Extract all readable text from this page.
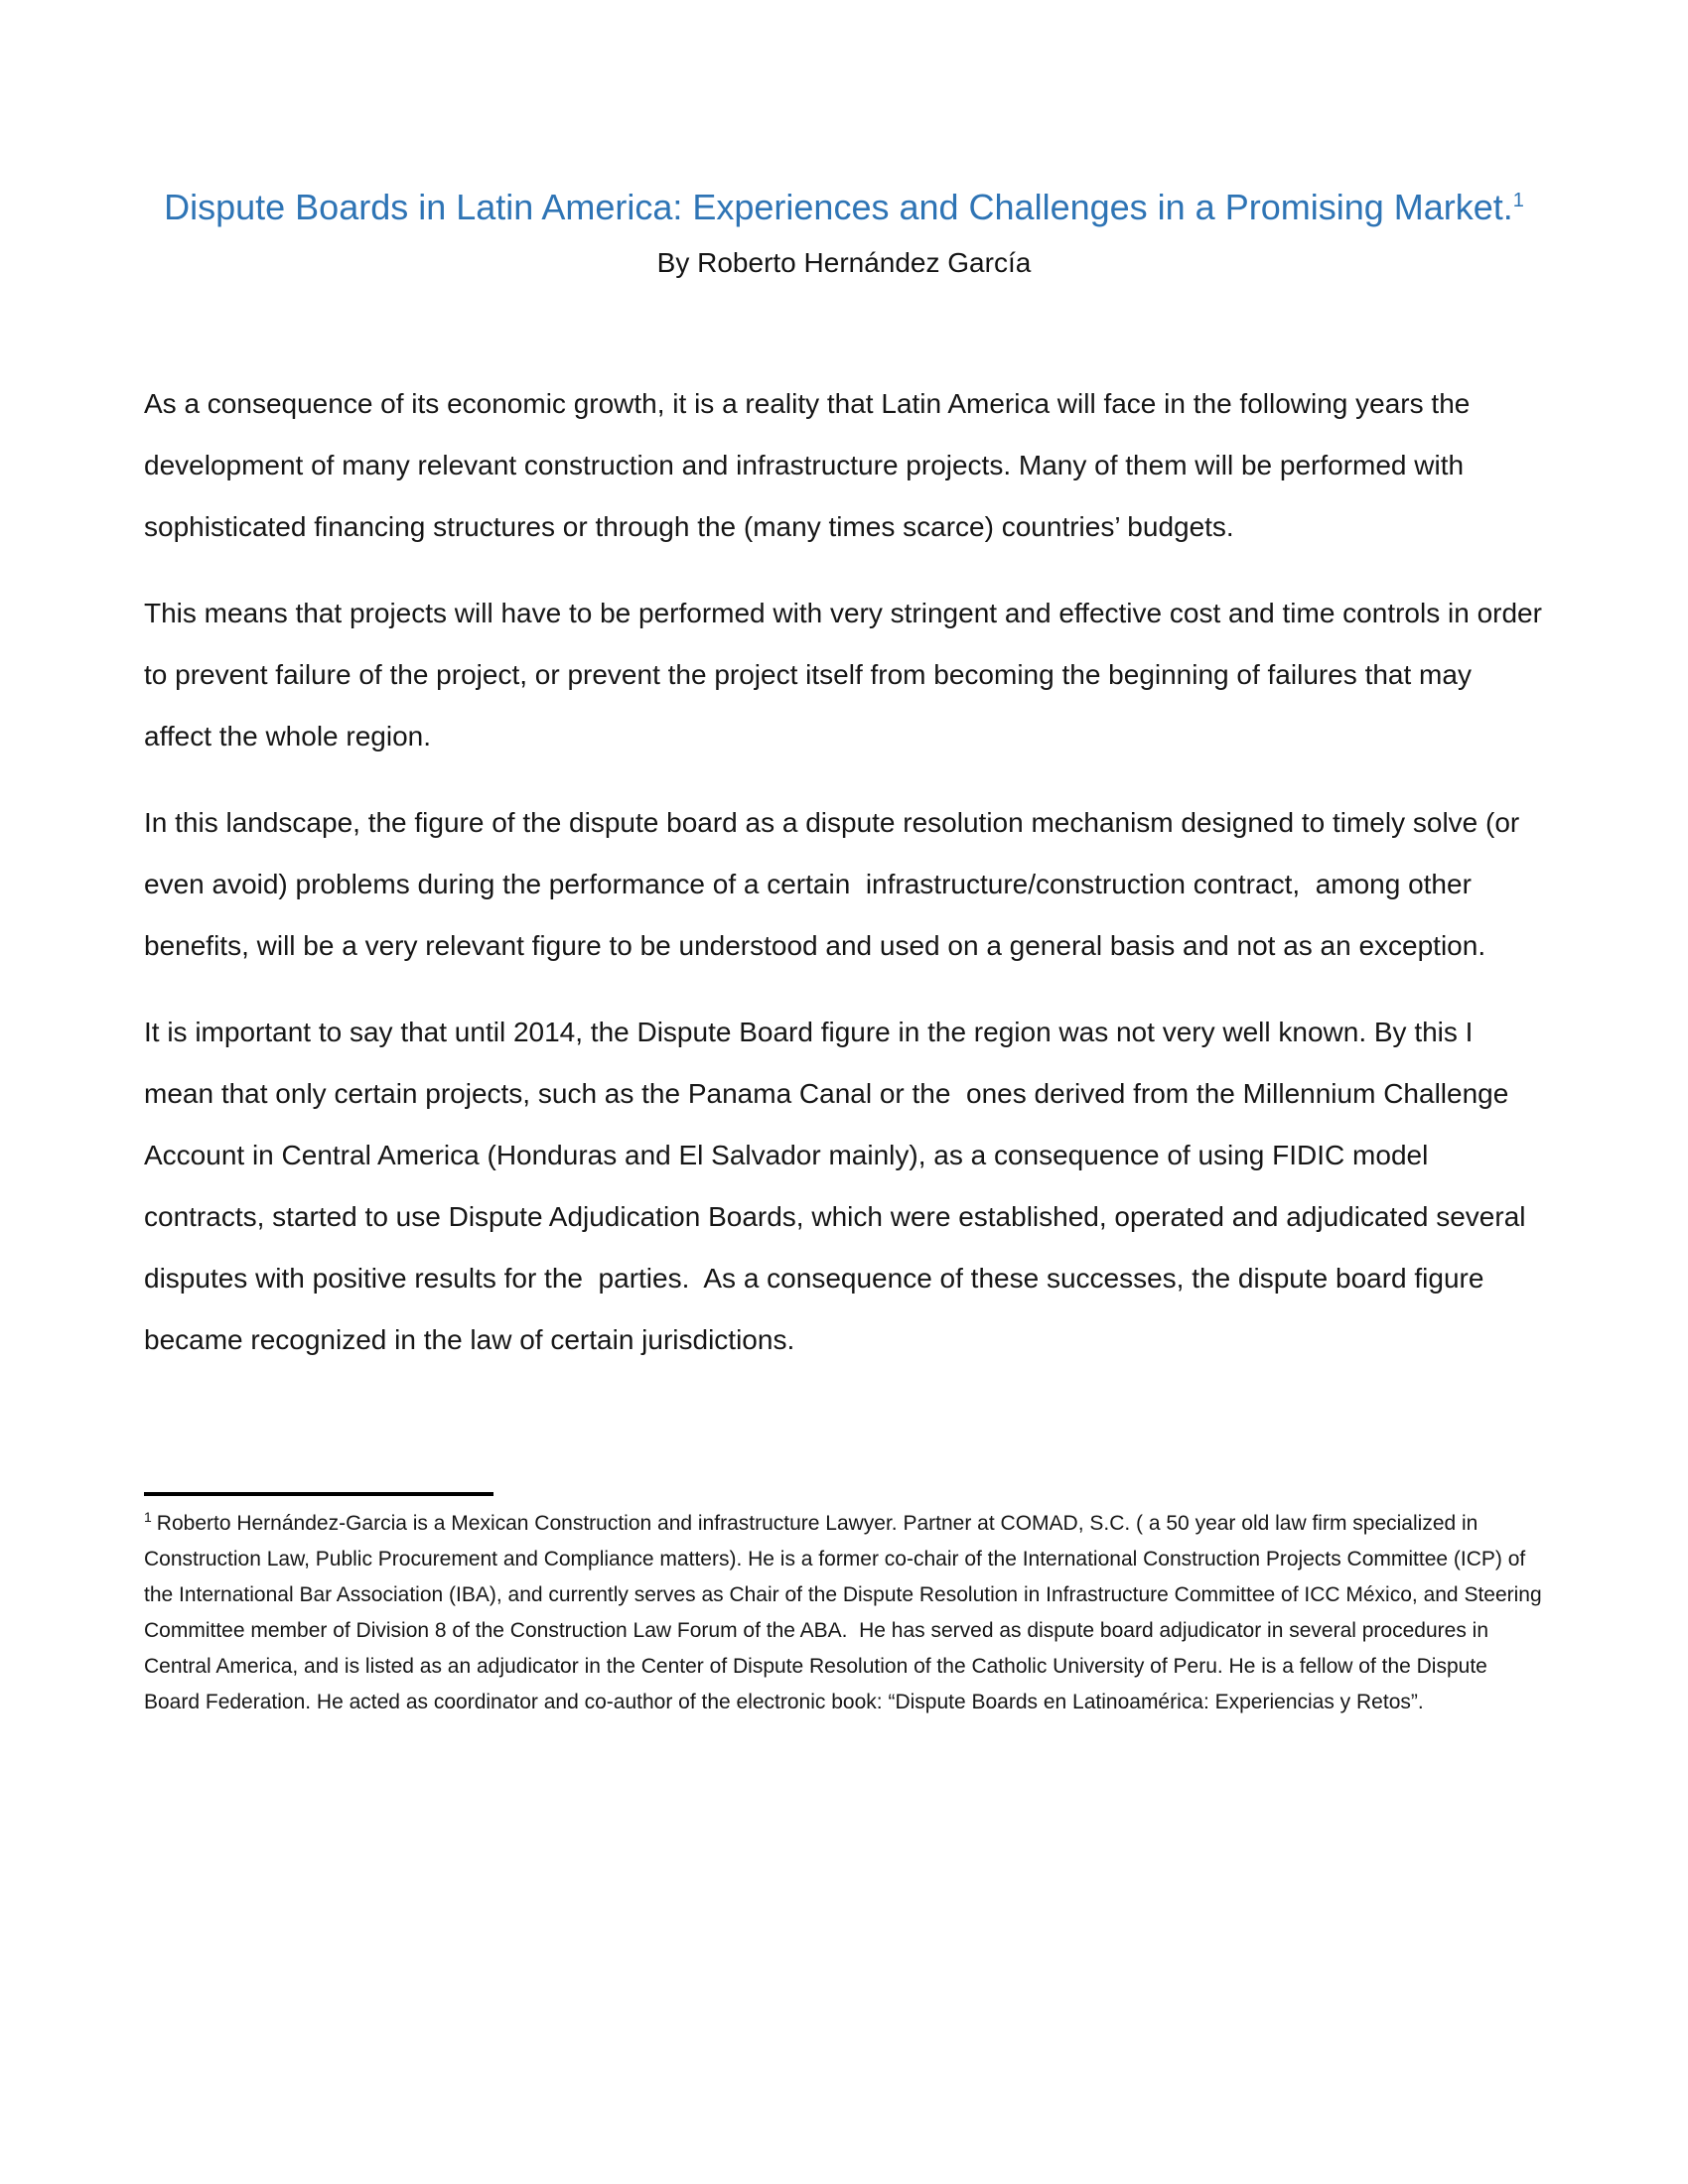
Dispute Boards in Latin America: Experiences and Challenges in a Promising Market.$^1$

By Roberto Hernández García

As a consequence of its economic growth, it is a reality that Latin America will face in the following years the development of many relevant construction and infrastructure projects. Many of them will be performed with sophisticated financing structures or through the (many times scarce) countries’ budgets.

This means that projects will have to be performed with very stringent and effective cost and time controls in order to prevent failure of the project, or prevent the project itself from becoming the beginning of failures that may affect the whole region.

In this landscape, the figure of the dispute board as a dispute resolution mechanism designed to timely solve (or even avoid) problems during the performance of a certain  infrastructure/construction contract,  among other benefits, will be a very relevant figure to be understood and used on a general basis and not as an exception.

It is important to say that until 2014, the Dispute Board figure in the region was not very well known. By this I mean that only certain projects, such as the Panama Canal or the  ones derived from the Millennium Challenge Account in Central America (Honduras and El Salvador mainly), as a consequence of using FIDIC model contracts, started to use Dispute Adjudication Boards, which were established, operated and adjudicated several disputes with positive results for the  parties.  As a consequence of these successes, the dispute board figure became recognized in the law of certain jurisdictions.

$^1$ Roberto Hernández-Garcia is a Mexican Construction and infrastructure Lawyer. Partner at COMAD, S.C. ( a 50 year old law firm specialized in Construction Law, Public Procurement and Compliance matters). He is a former co-chair of the International Construction Projects Committee (ICP) of the International Bar Association (IBA), and currently serves as Chair of the Dispute Resolution in Infrastructure Committee of ICC México, and Steering Committee member of Division 8 of the Construction Law Forum of the ABA.  He has served as dispute board adjudicator in several procedures in Central America, and is listed as an adjudicator in the Center of Dispute Resolution of the Catholic University of Peru. He is a fellow of the Dispute Board Federation. He acted as coordinator and co-author of the electronic book: “Dispute Boards en Latinoamérica: Experiencias y Retos”.
